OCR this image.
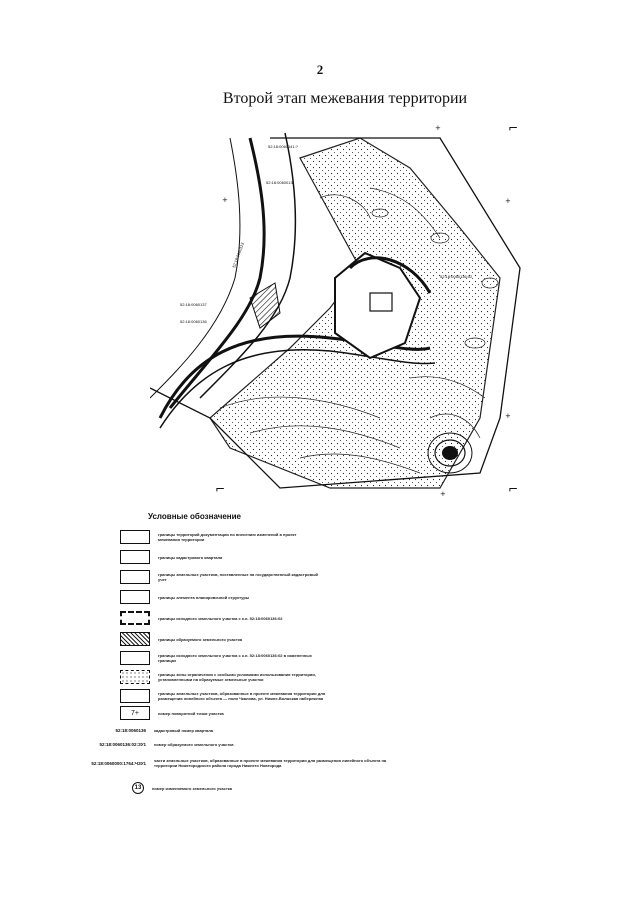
2
Второй этап межевания территории
52:18:0060141:?
52:18:0060013
52:18:0060137
52:18:0060136
52:18:0060113
52:18:0060136:02
+
+
+
+
+
⌐
⌐	⌐
Условные обозначение
границы территорий документации по внесению изменений в проект межевания территории
границы кадастрового квартала
границы земельных участков, поставленных на государственный кадастровый учет
границы элемента планировочной структуры
границы исходного земельного участка с к.н. 52:18:0060136:02
границы образуемого земельного участка
границы исходного земельного участка с к.н. 52:18:0060136:02 в измененных границах
границы зоны ограничения с особыми условиями использования территории, установленными на образуемые земельные участки
границы земельных участков, образованных в проекте межевания территории для размещения линейного объекта — поля Чкалова, ул. Нижне-Волжская набережная
7 +	номер поворотной точки участка
52:18:0060136 кадастровый номер квартала
52:18:0060136:02:ЗУ1 номер образуемого земельного участка
52:18:0060000:1764:ЧЗУ1 части земельных участков, образованные в проекте межевания территории для размещения линейного объекта на территории Нижегородского района города Нижнего Новгорода
13	номер изменяемого земельного участка
